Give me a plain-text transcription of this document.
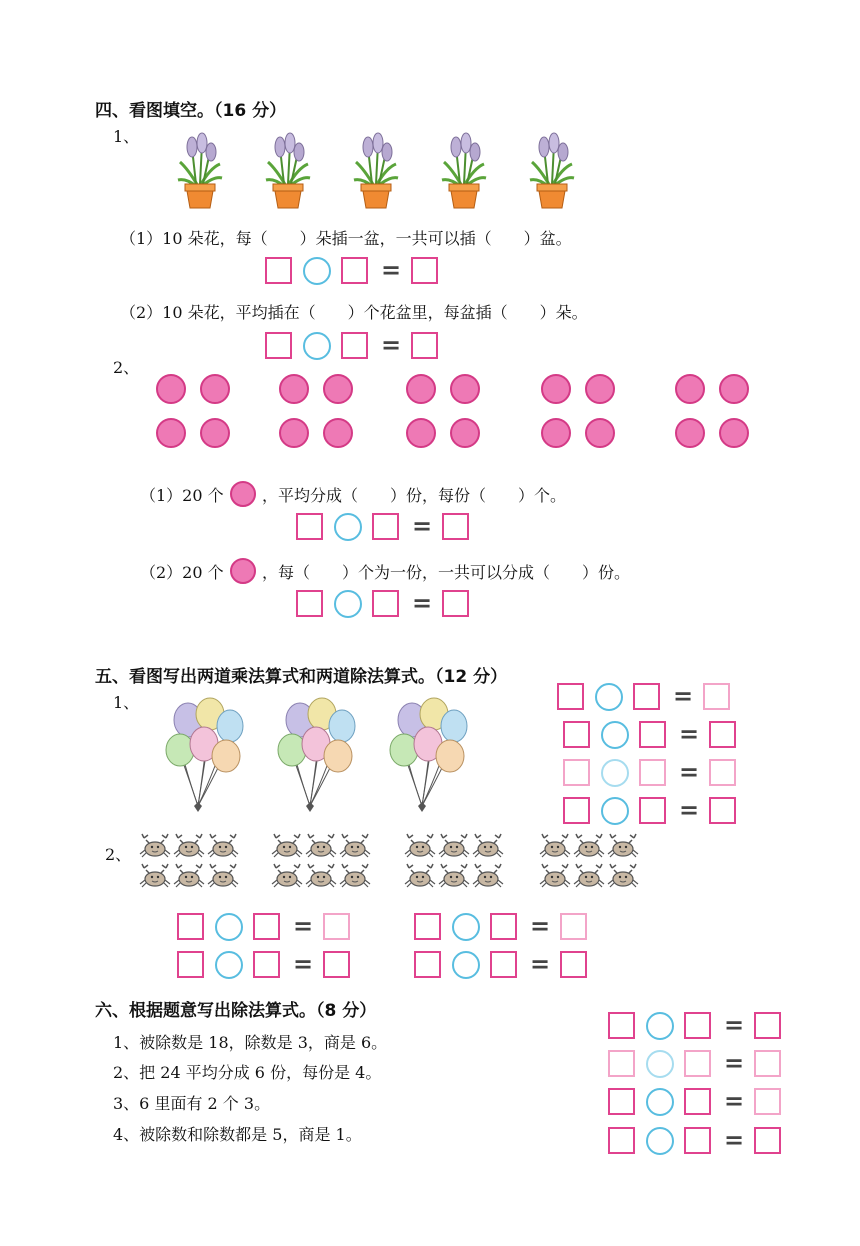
四、看图填空。（16 分）
1、
（1）10 朵花，每（　　）朵插一盆，一共可以插（　　）盆。
=
（2）10 朵花，平均插在（　　）个花盆里，每盆插（　　）朵。
=
2、
（1）20 个 ，平均分成（　　）份，每份（　　）个。
=
（2）20 个 ，每（　　）个为一份，一共可以分成（　　）份。
=
五、看图写出两道乘法算式和两道除法算式。（12 分）
1、	=
=
=
=
2、
=
=
=
=
六、根据题意写出除法算式。（8 分）
1、被除数是 18，除数是 3，商是 6。
2、把 24 平均分成 6 份，每份是 4。
3、6 里面有 2 个 3。
4、被除数和除数都是 5，商是 1。
=
=
=
=
